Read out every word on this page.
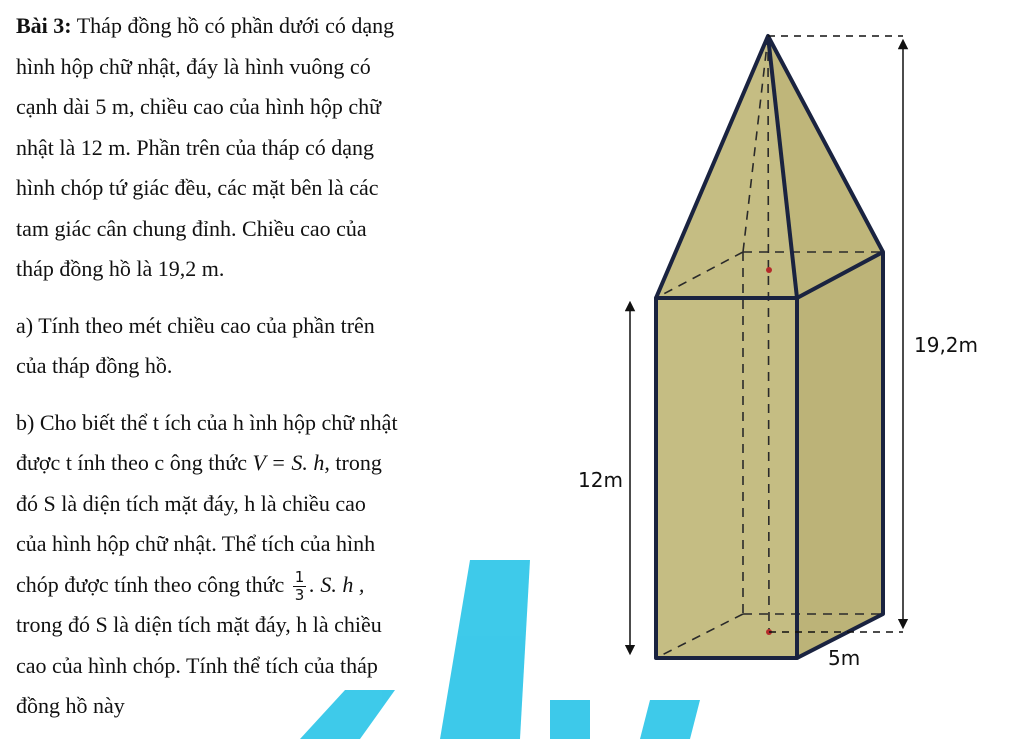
Bài 3: Tháp đồng hồ có phần dưới có dạng
hình hộp chữ nhật, đáy là hình vuông có
cạnh dài 5 m, chiều cao của hình hộp chữ
nhật là 12 m. Phần trên của tháp có dạng
hình chóp tứ giác đều, các mặt bên là các
tam giác cân chung đỉnh. Chiều cao của
tháp đồng hồ là 19,2 m.
a) Tính theo mét chiều cao của phần trên
của tháp đồng hồ.
b) Cho biết thể t ích của h ình hộp chữ nhật
được t ính theo c ông thức V = S. h, trong
đó S là diện tích mặt đáy, h là chiều cao
của hình hộp chữ nhật. Thể tích của hình
chóp được tính theo công thức $\frac{1}{3}$ . S. h ,
trong đó S là diện tích mặt đáy, h là chiều
cao của hình chóp. Tính thể tích của tháp
đồng hồ này
19,2m
12m
5m
